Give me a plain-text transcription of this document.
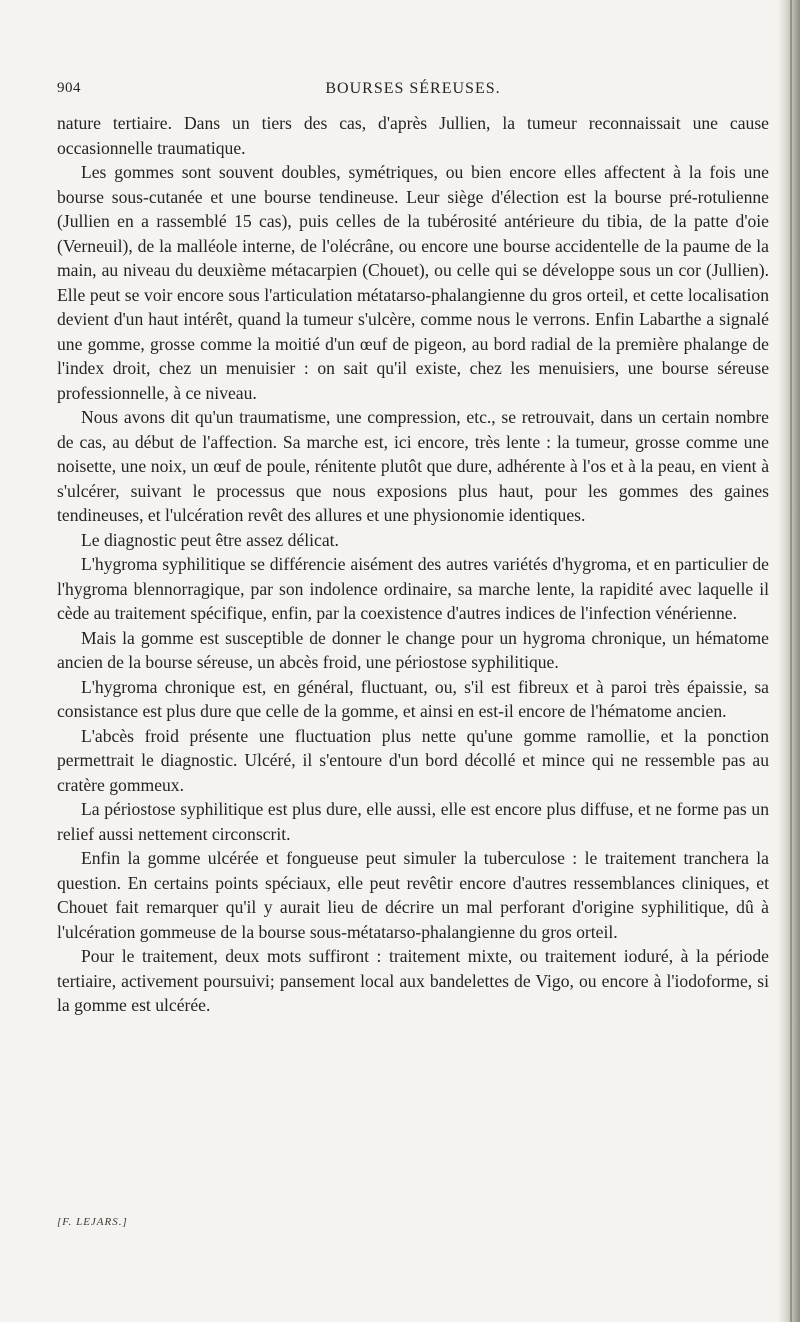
904	BOURSES SÉREUSES.

nature tertiaire. Dans un tiers des cas, d'après Jullien, la tumeur reconnaissait une cause occasionnelle traumatique.

Les gommes sont souvent doubles, symétriques, ou bien encore elles affectent à la fois une bourse sous-cutanée et une bourse tendineuse. Leur siège d'élection est la bourse pré-rotulienne (Jullien en a rassemblé 15 cas), puis celles de la tubérosité antérieure du tibia, de la patte d'oie (Verneuil), de la malléole interne, de l'olécrâne, ou encore une bourse accidentelle de la paume de la main, au niveau du deuxième métacarpien (Chouet), ou celle qui se développe sous un cor (Jullien). Elle peut se voir encore sous l'articulation métatarso-phalangienne du gros orteil, et cette localisation devient d'un haut intérêt, quand la tumeur s'ulcère, comme nous le verrons. Enfin Labarthe a signalé une gomme, grosse comme la moitié d'un œuf de pigeon, au bord radial de la première phalange de l'index droit, chez un menuisier : on sait qu'il existe, chez les menuisiers, une bourse séreuse professionnelle, à ce niveau.

Nous avons dit qu'un traumatisme, une compression, etc., se retrouvait, dans un certain nombre de cas, au début de l'affection. Sa marche est, ici encore, très lente : la tumeur, grosse comme une noisette, une noix, un œuf de poule, rénitente plutôt que dure, adhérente à l'os et à la peau, en vient à s'ulcérer, suivant le processus que nous exposions plus haut, pour les gommes des gaines tendineuses, et l'ulcération revêt des allures et une physionomie identiques.

Le diagnostic peut être assez délicat.

L'hygroma syphilitique se différencie aisément des autres variétés d'hygroma, et en particulier de l'hygroma blennorragique, par son indolence ordinaire, sa marche lente, la rapidité avec laquelle il cède au traitement spécifique, enfin, par la coexistence d'autres indices de l'infection vénérienne.

Mais la gomme est susceptible de donner le change pour un hygroma chronique, un hématome ancien de la bourse séreuse, un abcès froid, une périostose syphilitique.

L'hygroma chronique est, en général, fluctuant, ou, s'il est fibreux et à paroi très épaissie, sa consistance est plus dure que celle de la gomme, et ainsi en est-il encore de l'hématome ancien.

L'abcès froid présente une fluctuation plus nette qu'une gomme ramollie, et la ponction permettrait le diagnostic. Ulcéré, il s'entoure d'un bord décollé et mince qui ne ressemble pas au cratère gommeux.

La périostose syphilitique est plus dure, elle aussi, elle est encore plus diffuse, et ne forme pas un relief aussi nettement circonscrit.

Enfin la gomme ulcérée et fongueuse peut simuler la tuberculose : le traitement tranchera la question. En certains points spéciaux, elle peut revêtir encore d'autres ressemblances cliniques, et Chouet fait remarquer qu'il y aurait lieu de décrire un mal perforant d'origine syphilitique, dû à l'ulcération gommeuse de la bourse sous-métatarso-phalangienne du gros orteil.

Pour le traitement, deux mots suffiront : traitement mixte, ou traitement ioduré, à la période tertiaire, activement poursuivi; pansement local aux bandelettes de Vigo, ou encore à l'iodoforme, si la gomme est ulcérée.

[F. LEJARS.]
